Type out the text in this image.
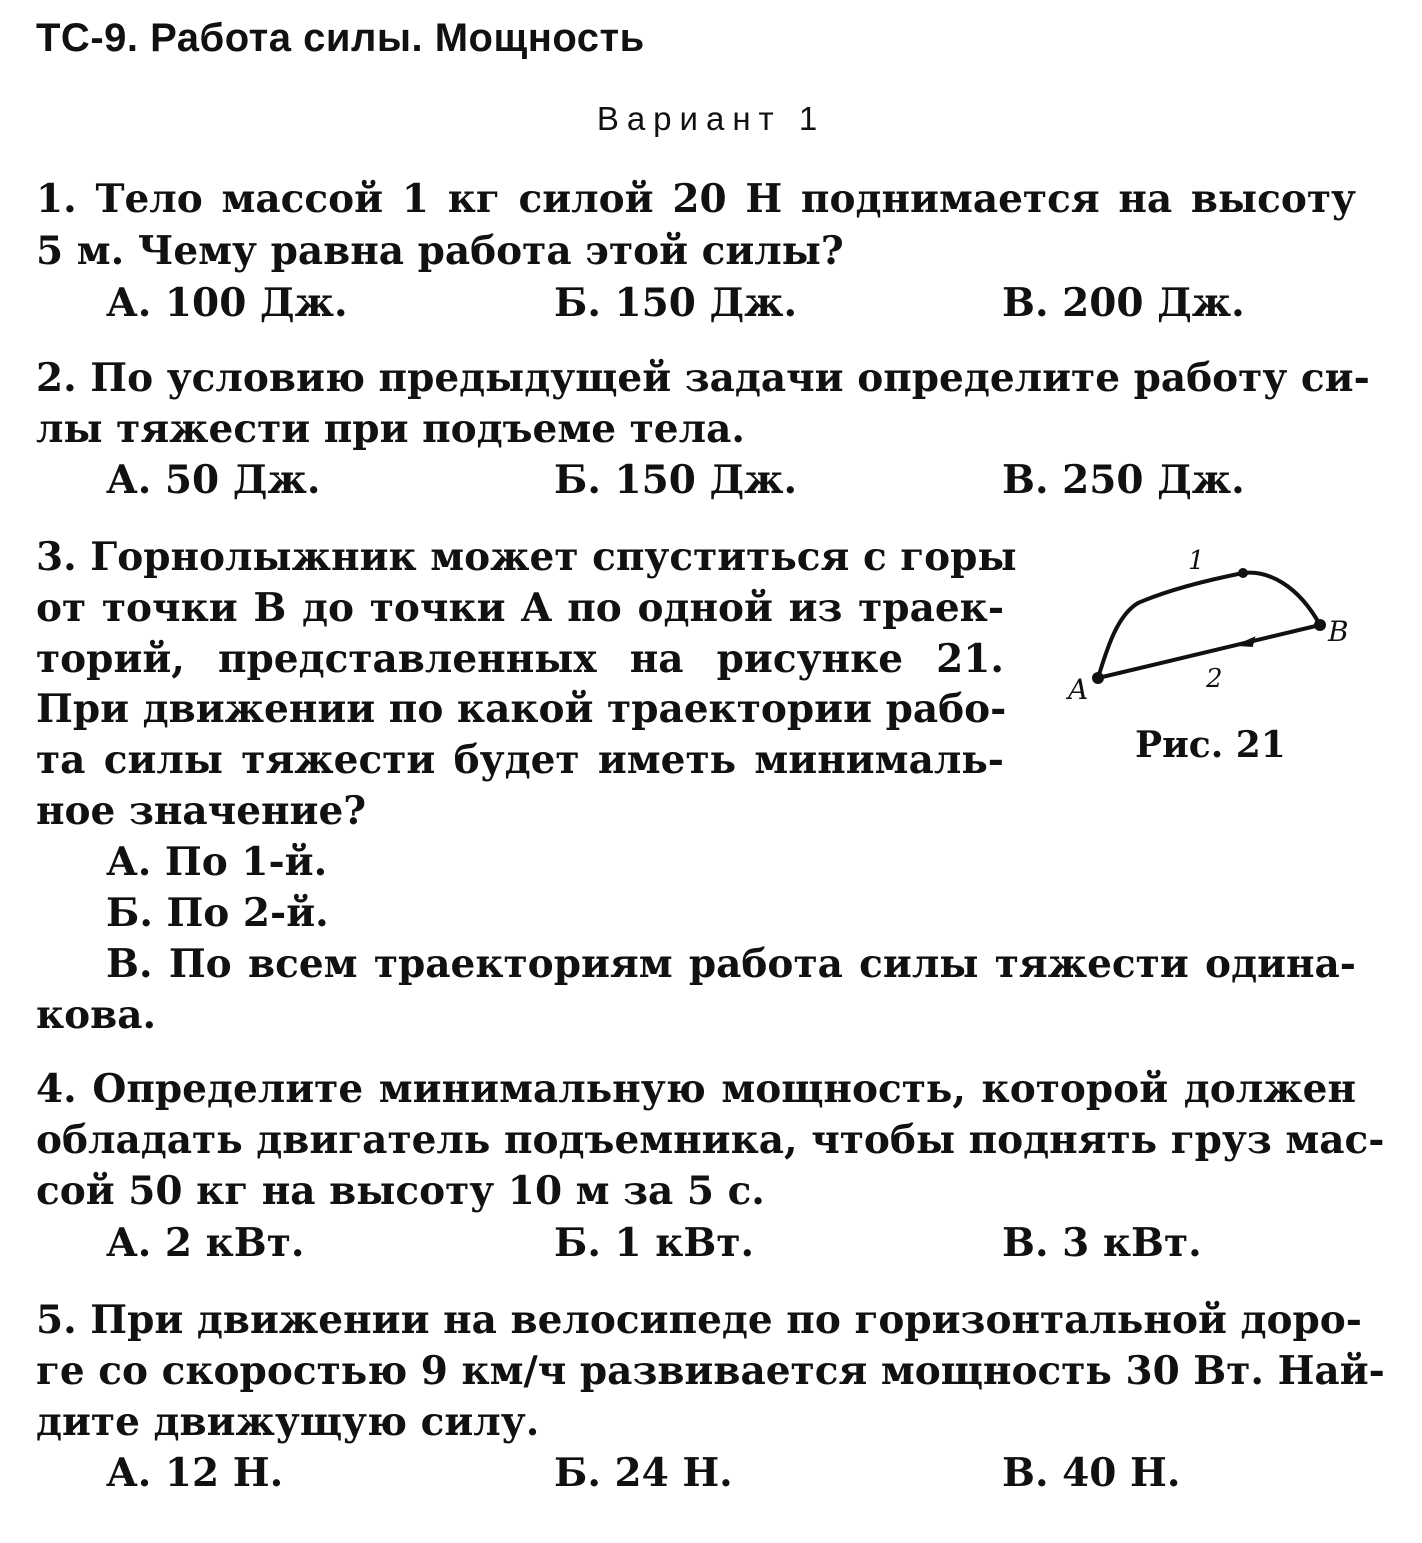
ТС-9. Работа силы. Мощность
Вариант 1
1. Тело массой 1 кг силой 20 Н поднимается на высоту
5 м. Чему равна работа этой силы?
А. 100 Дж.	Б. 150 Дж.	В. 200 Дж.
2. По условию предыдущей задачи определите работу си-
лы тяжести при подъеме тела.
А. 50 Дж.	Б. 150 Дж.	В. 250 Дж.
3. Горнолыжник может спуститься с горы
от точки B до точки A по одной из траек-
торий, представленных на рисунке 21.
При движении по какой траектории рабо-
та силы тяжести будет иметь минималь-
ное значение?
А. По 1-й.
Б. По 2-й.
В. По всем траекториям работа силы тяжести одина-
кова.
1
2
A
B
Рис. 21
4. Определите минимальную мощность, которой должен
обладать двигатель подъемника, чтобы поднять груз мас-
сой 50 кг на высоту 10 м за 5 с.
А. 2 кВт.	Б. 1 кВт.	В. 3 кВт.
5. При движении на велосипеде по горизонтальной доро-
ге со скоростью 9 км/ч развивается мощность 30 Вт. Най-
дите движущую силу.
А. 12 Н.	Б. 24 Н.	В. 40 Н.
